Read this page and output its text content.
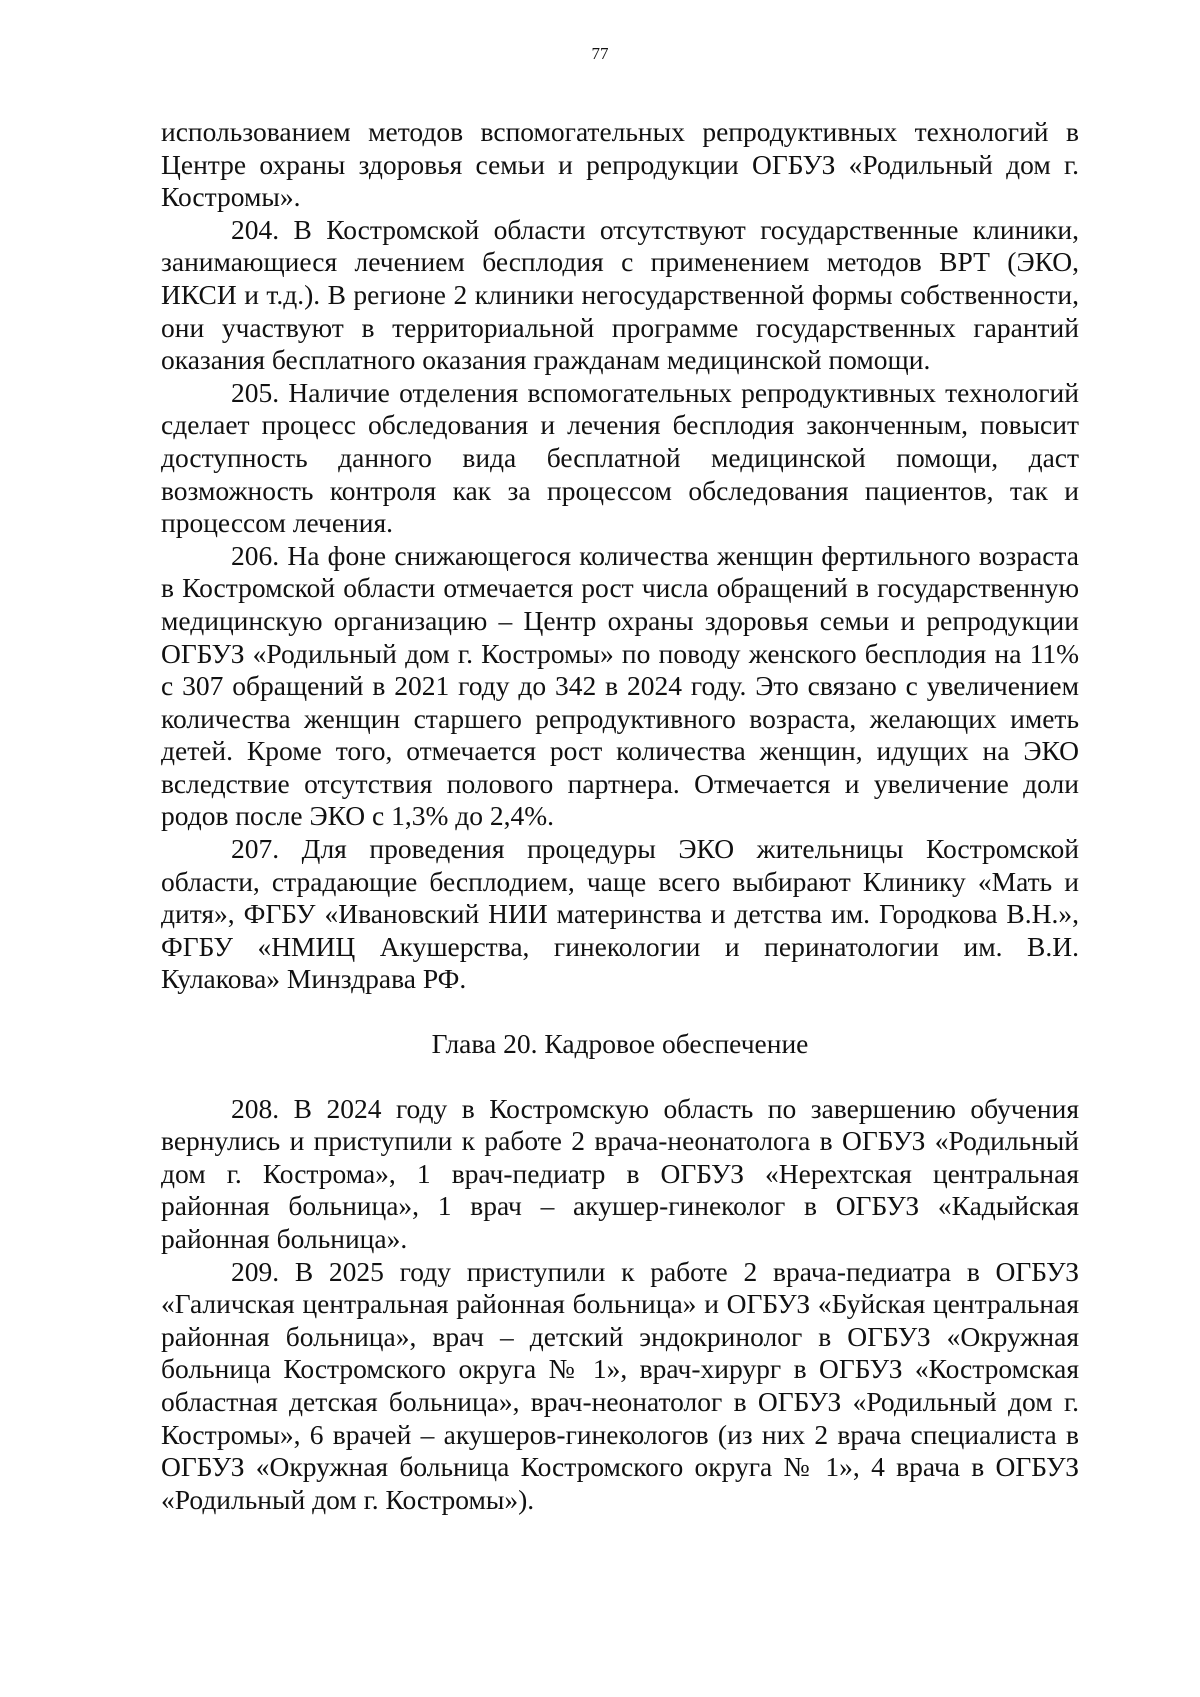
77

использованием методов вспомогательных репродуктивных технологий в Центре охраны здоровья семьи и репродукции ОГБУЗ «Родильный дом г. Костромы».

204. В Костромской области отсутствуют государственные клиники, занимающиеся лечением бесплодия с применением методов ВРТ (ЭКО, ИКСИ и т.д.). В регионе 2 клиники негосударственной формы собственности, они участвуют в территориальной программе государственных гарантий оказания бесплатного оказания гражданам медицинской помощи.

205. Наличие отделения вспомогательных репродуктивных технологий сделает процесс обследования и лечения бесплодия законченным, повысит доступность данного вида бесплатной медицинской помощи, даст возможность контроля как за процессом обследования пациентов, так и процессом лечения.

206. На фоне снижающегося количества женщин фертильного возраста в Костромской области отмечается рост числа обращений в государственную медицинскую организацию – Центр охраны здоровья семьи и репродукции ОГБУЗ «Родильный дом г. Костромы» по поводу женского бесплодия на 11% с 307 обращений в 2021 году до 342 в 2024 году. Это связано с увеличением количества женщин старшего репродуктивного возраста, желающих иметь детей. Кроме того, отмечается рост количества женщин, идущих на ЭКО вследствие отсутствия полового партнера. Отмечается и увеличение доли родов после ЭКО с 1,3% до 2,4%.

207. Для проведения процедуры ЭКО жительницы Костромской области, страдающие бесплодием, чаще всего выбирают Клинику «Мать и дитя», ФГБУ «Ивановский НИИ материнства и детства им. Городкова В.Н.», ФГБУ «НМИЦ Акушерства, гинекологии и перинатологии им. В.И. Кулакова» Минздрава РФ.

Глава 20. Кадровое обеспечение

208. В 2024 году в Костромскую область по завершению обучения вернулись и приступили к работе 2 врача-неонатолога в ОГБУЗ «Родильный дом г. Кострома», 1 врач-педиатр в ОГБУЗ «Нерехтская центральная районная больница», 1 врач – акушер-гинеколог в ОГБУЗ «Кадыйская районная больница».

209. В 2025 году приступили к работе 2 врача-педиатра в ОГБУЗ «Галичская центральная районная больница» и ОГБУЗ «Буйская центральная районная больница», врач – детский эндокринолог в ОГБУЗ «Окружная больница Костромского округа № 1», врач-хирург в ОГБУЗ «Костромская областная детская больница», врач-неонатолог в ОГБУЗ «Родильный дом г. Костромы», 6 врачей – акушеров-гинекологов (из них 2 врача специалиста в ОГБУЗ «Окружная больница Костромского округа № 1», 4 врача в ОГБУЗ «Родильный дом г. Костромы»).
